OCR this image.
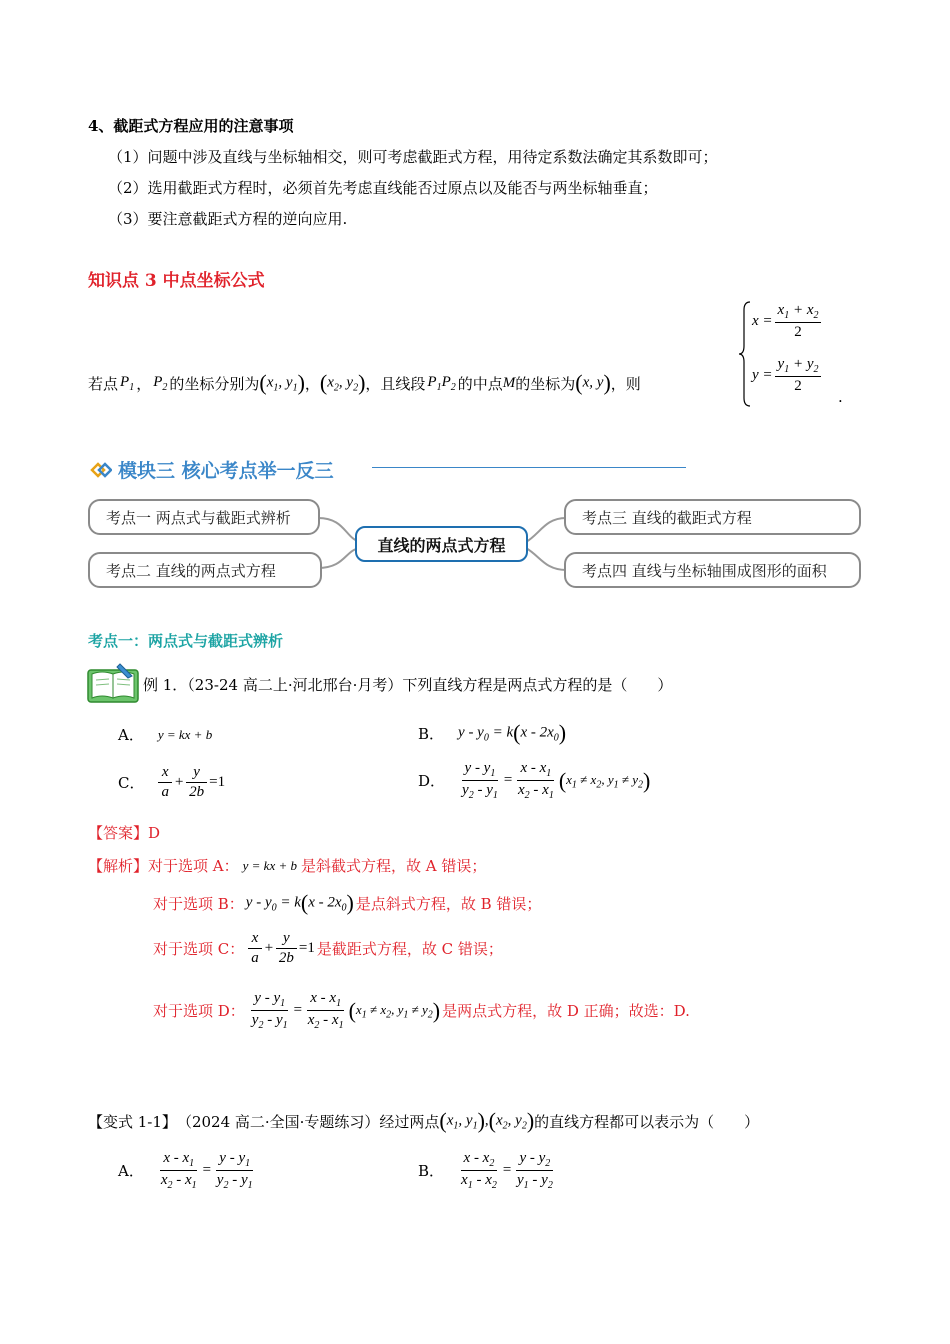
4、截距式方程应用的注意事项
（1）问题中涉及直线与坐标轴相交，则可考虑截距式方程，用待定系数法确定其系数即可；
（2）选用截距式方程时，必须首先考虑直线能否过原点以及能否与两坐标轴垂直；
（3）要注意截距式方程的逆向应用.
知识点 3 中点坐标公式
若点 $P_1$ ， $P_2$ 的坐标分别为 ($x_1$, $y_1$) ， ($x_2$, $y_2$) ，且线段 $P_1P_2$ 的中点 M 的坐标为 (x, y) ，则
$x = \frac{x_1 + x_2}{2}$
$y = \frac{y_1 + y_2}{2}$
.
模块三 核心考点举一反三
直线的两点式方程
考点一 两点式与截距式辨析
考点二 直线的两点式方程
考点三 直线的截距式方程
考点四 直线与坐标轴围成图形的面积
考点一：两点式与截距式辨析
例 1．（23-24 高二上·河北邢台·月考）下列直线方程是两点式方程的是（　　）
A． y = kx + b	B． $y - y_0 = k(x - 2x_0)$
C． $\frac{x}{a} + \frac{y}{2b} =1$	D． $\frac{y - y_1}{y_2 - y_1} = \frac{x - x_1}{x_2 - x_1} (x_1 \ne x_2$, $y_1 \ne y_2$)
【答案】D
【解析】 对于选项 A： y = kx + b 是斜截式方程，故 A 错误；
对于选项 B： $y - y_0 = k(x - 2x_0)$ 是点斜式方程，故 B 错误；
对于选项 C： $\frac{x}{a} + \frac{y}{2b} =1$ 是截距式方程，故 C 错误；
对于选项 D： $\frac{y - y_1}{y_2 - y_1} = \frac{x - x_1}{x_2 - x_1} (x_1 \ne x_2$, $y_1 \ne y_2$) 是两点式方程，故 D 正确；故选：D.
【变式 1-1】 （2024 高二·全国·专题练习）经过两点 ($x_1$, $y_1),(x_2$, $y_2$) 的直线方程都可以表示为（　　）
A． $\frac{x - x_1}{x_2 - x_1} = \frac{y - y_1}{y_2 - y_1}$	B． $\frac{x - x_2}{x_1 - x_2} = \frac{y - y_2}{y_1 - y_2}$
